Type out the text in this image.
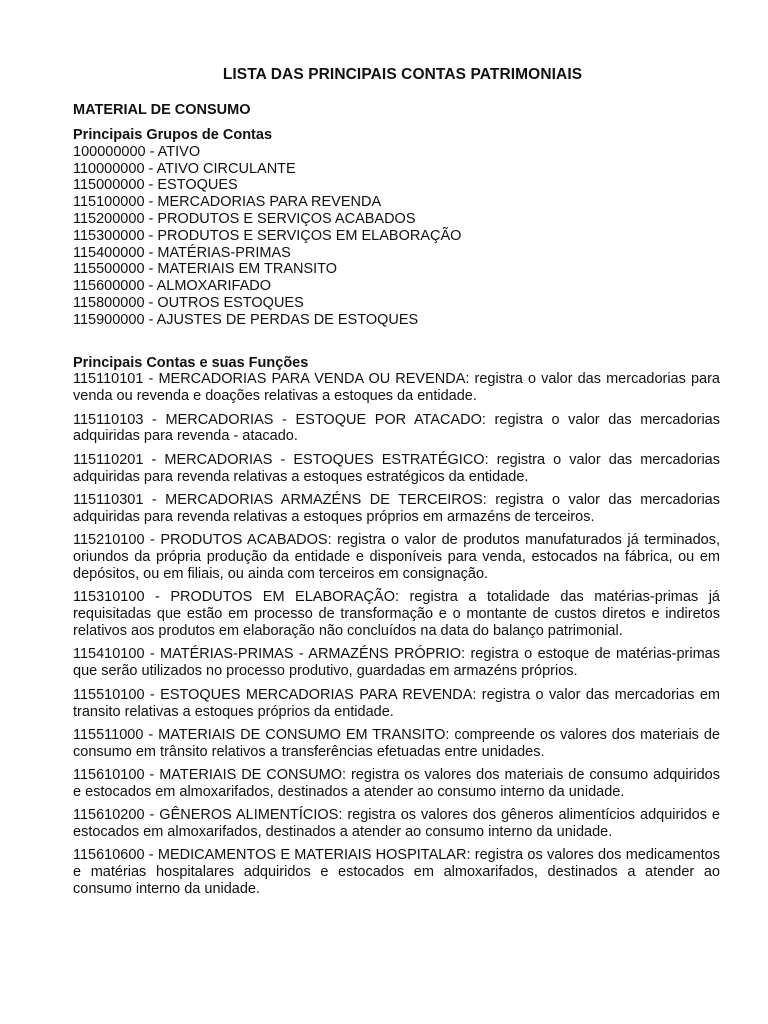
LISTA DAS PRINCIPAIS CONTAS PATRIMONIAIS
MATERIAL DE CONSUMO
Principais Grupos de Contas
100000000 - ATIVO
110000000 - ATIVO CIRCULANTE
115000000 - ESTOQUES
115100000 - MERCADORIAS PARA REVENDA
115200000 - PRODUTOS E SERVIÇOS ACABADOS
115300000 - PRODUTOS E SERVIÇOS EM ELABORAÇÃO
115400000 - MATÉRIAS-PRIMAS
115500000 - MATERIAIS EM TRANSITO
115600000 - ALMOXARIFADO
115800000 - OUTROS ESTOQUES
115900000 - AJUSTES DE PERDAS DE ESTOQUES
Principais Contas e suas Funções

115110101 - MERCADORIAS PARA VENDA OU REVENDA: registra o valor das mercadorias para venda ou revenda e doações relativas a estoques da entidade.

115110103 - MERCADORIAS - ESTOQUE POR ATACADO: registra o valor das mercadorias adquiridas para revenda - atacado.

115110201 - MERCADORIAS - ESTOQUES ESTRATÉGICO: registra o valor das mercadorias adquiridas para revenda relativas a estoques estratégicos da entidade.

115110301 - MERCADORIAS ARMAZÉNS DE TERCEIROS: registra o valor das mercadorias adquiridas para revenda relativas a estoques próprios em armazéns de terceiros.

115210100 - PRODUTOS ACABADOS: registra o valor de produtos manufaturados já terminados, oriundos da própria produção da entidade e disponíveis para venda, estocados na fábrica, ou em depósitos, ou em filiais, ou ainda com terceiros em consignação.

115310100 - PRODUTOS EM ELABORAÇÃO: registra a totalidade das matérias-primas já requisitadas que estão em processo de transformação e o montante de custos diretos e indiretos relativos aos produtos em elaboração não concluídos na data do balanço patrimonial.

115410100 - MATÉRIAS-PRIMAS - ARMAZÉNS PRÓPRIO: registra o estoque de matérias-primas que serão utilizados no processo produtivo, guardadas em armazéns próprios.

115510100 - ESTOQUES MERCADORIAS PARA REVENDA: registra o valor das mercadorias em transito relativas a estoques próprios da entidade.

115511000 - MATERIAIS DE CONSUMO EM TRANSITO: compreende os valores dos materiais de consumo em trânsito relativos a transferências efetuadas entre unidades.

115610100 - MATERIAIS DE CONSUMO: registra os valores dos materiais de consumo adquiridos e estocados em almoxarifados, destinados a atender ao consumo interno da unidade.

115610200 - GÊNEROS ALIMENTÍCIOS: registra os valores dos gêneros alimentícios adquiridos e estocados em almoxarifados, destinados a atender ao consumo interno da unidade.

115610600 - MEDICAMENTOS E MATERIAIS HOSPITALAR: registra os valores dos medicamentos e matérias hospitalares adquiridos e estocados em almoxarifados, destinados a atender ao consumo interno da unidade.
